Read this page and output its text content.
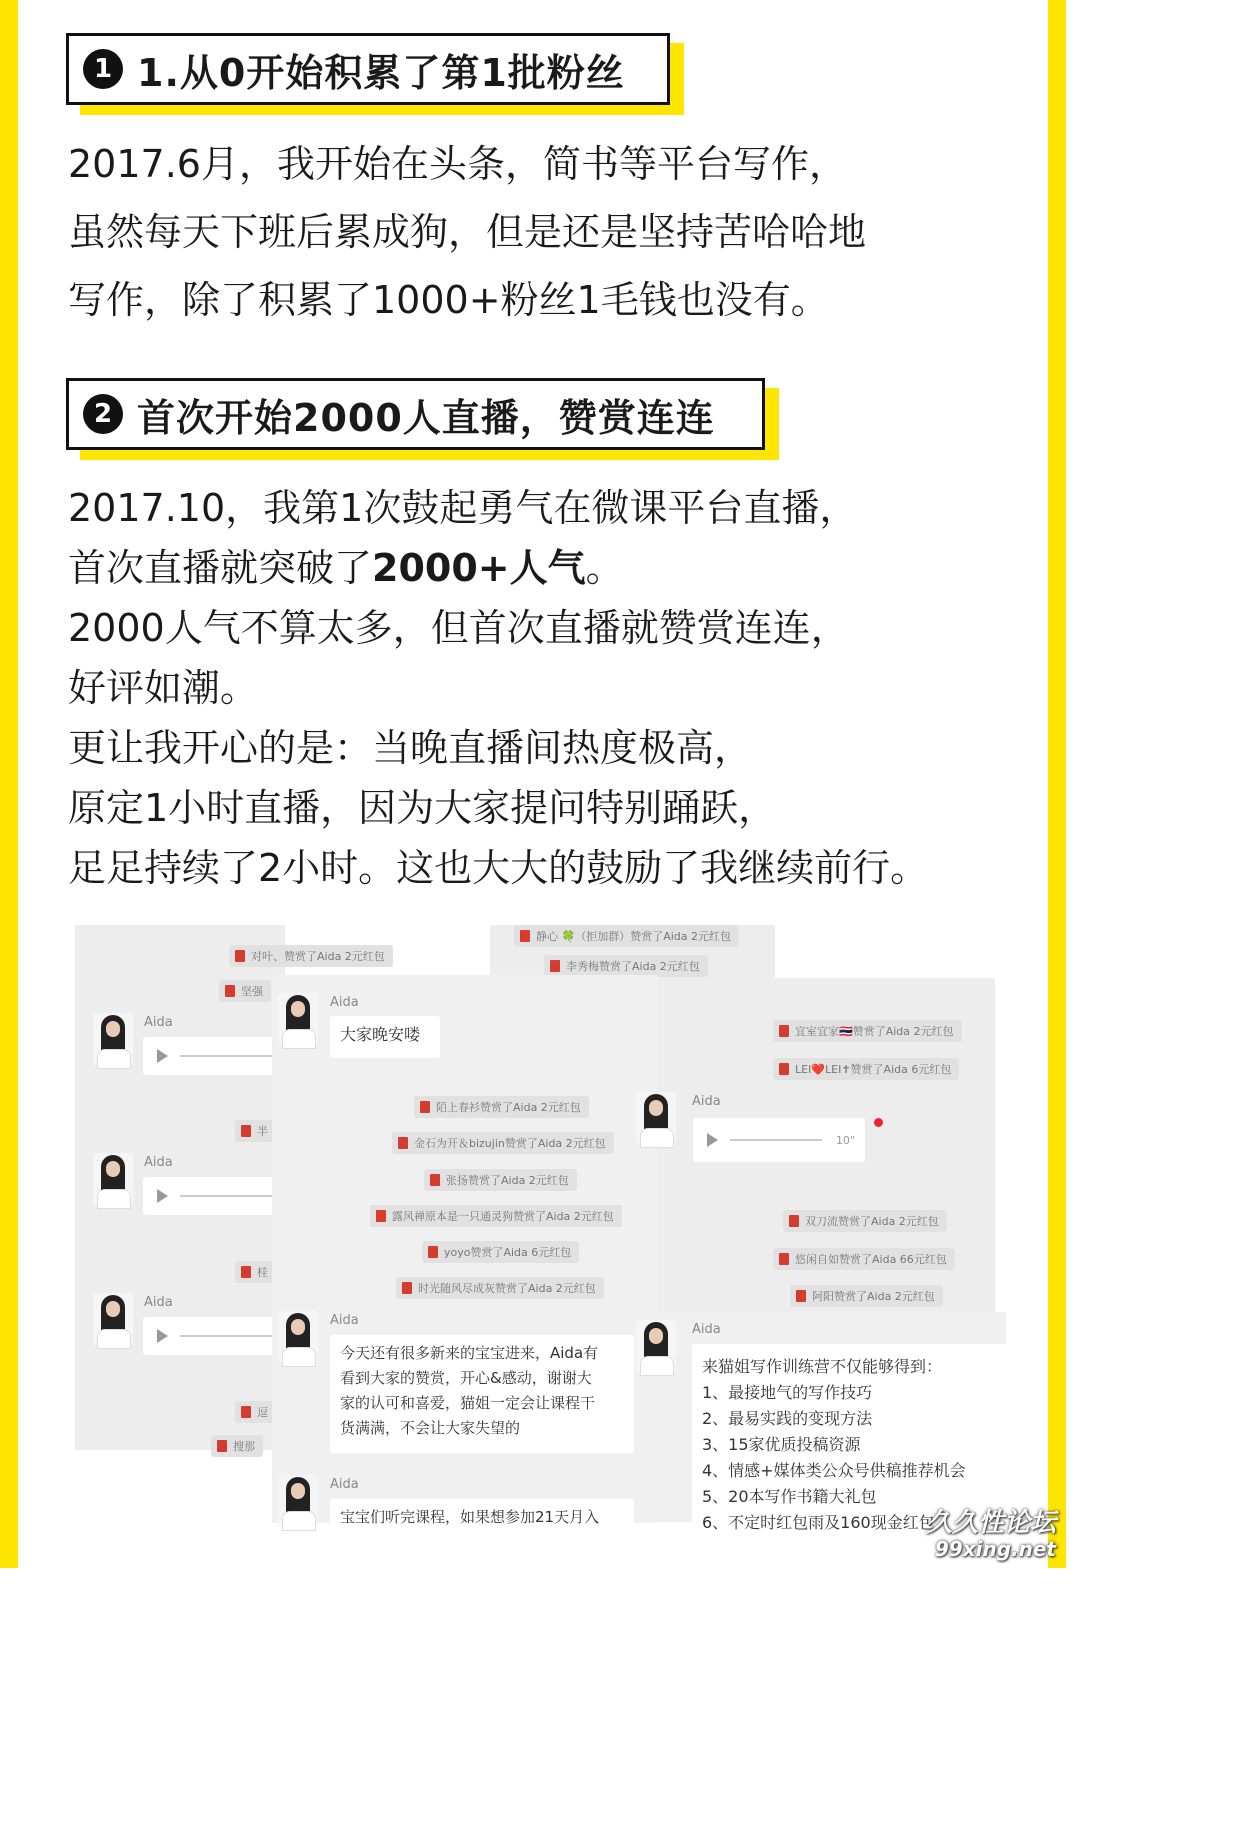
1 1.从0开始积累了第1批粉丝
2017.6月，我开始在头条，简书等平台写作，
虽然每天下班后累成狗，但是还是坚持苦哈哈地
写作，除了积累了1000+粉丝1毛钱也没有。
2 首次开始2000人直播，赞赏连连
2017.10，我第1次鼓起勇气在微课平台直播，
首次直播就突破了2000+人气。
2000人气不算太多，但首次直播就赞赏连连，
好评如潮。
更让我开心的是：当晚直播间热度极高，
原定1小时直播，因为大家提问特别踊跃，
足足持续了2小时。这也大大的鼓励了我继续前行。
对叶、赞赏了Aida 2元红包
坚强
Aida
半
Aida
桂
Aida
逗
搜那
静心 🍀（拒加群）赞赏了Aida 2元红包
李秀梅赞赏了Aida 2元红包
宜室宜家🇹🇭赞赏了Aida 2元红包
LEI❤️LEI✝赞赏了Aida 6元红包
双刀流赞赏了Aida 2元红包
悠闲自如赞赏了Aida 66元红包
阿阳赞赏了Aida 2元红包
Aida
大家晚安喽
陌上春衫赞赏了Aida 2元红包
金石为开＆bizujin赞赏了Aida 2元红包
张扬赞赏了Aida 2元红包
露风禅原本是一只通灵狗赞赏了Aida 2元红包
yoyo赞赏了Aida 6元红包
时光随风尽成灰赞赏了Aida 2元红包
Aida
今天还有很多新来的宝宝进来，Aida有
看到大家的赞赏，开心&感动，谢谢大
家的认可和喜爱，猫姐一定会让课程干
货满满，不会让大家失望的
Aida
宝宝们听完课程，如果想参加21天月入
Aida
10"
Aida
来猫姐写作训练营不仅能够得到：
1、最接地气的写作技巧
2、最易实践的变现方法
3、15家优质投稿资源
4、情感+媒体类公众号供稿推荐机会
5、20本写作书籍大礼包
6、不定时红包雨及160现金红包
久久性论坛
99xing.net
